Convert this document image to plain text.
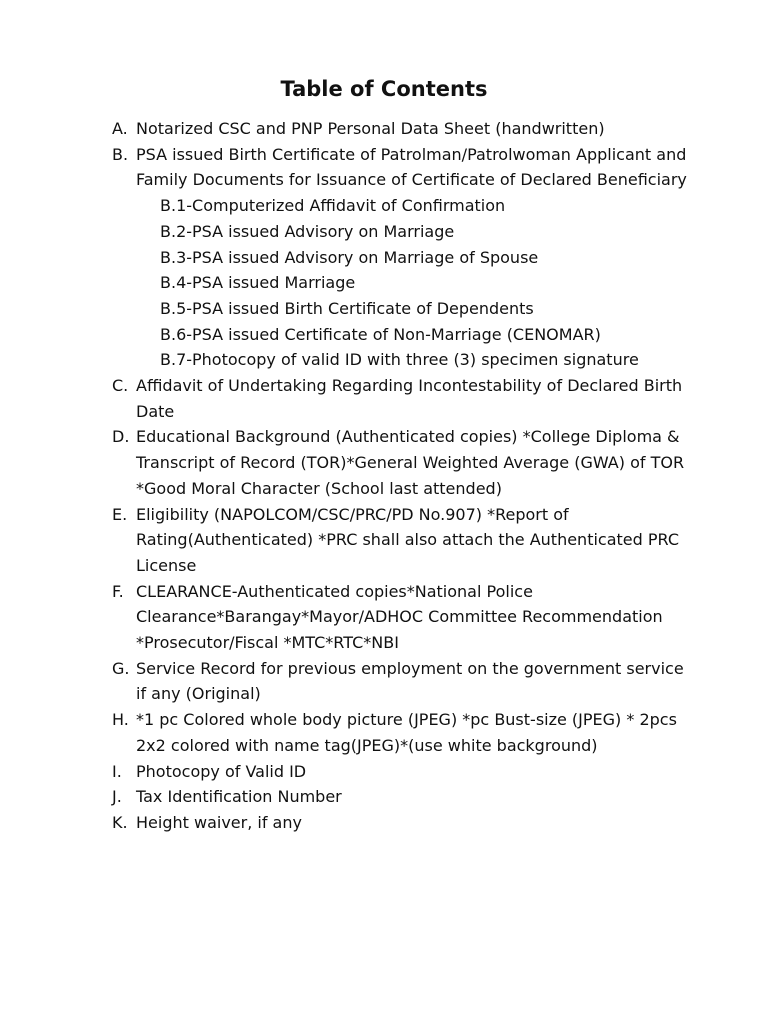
Table of Contents
A. Notarized CSC and PNP Personal Data Sheet (handwritten)
B. PSA issued Birth Certificate of Patrolman/Patrolwoman Applicant and Family Documents for Issuance of Certificate of Declared Beneficiary
B.1-Computerized Affidavit of Confirmation
B.2-PSA issued Advisory on Marriage
B.3-PSA issued Advisory on Marriage of Spouse
B.4-PSA issued Marriage
B.5-PSA issued Birth Certificate of Dependents
B.6-PSA issued Certificate of Non-Marriage (CENOMAR)
B.7-Photocopy of valid ID with three (3) specimen signature
C. Affidavit of Undertaking Regarding Incontestability of Declared Birth Date
D. Educational Background (Authenticated copies) *College Diploma & Transcript of Record (TOR)*General Weighted Average (GWA) of TOR *Good Moral Character (School last attended)
E. Eligibility (NAPOLCOM/CSC/PRC/PD No.907) *Report of Rating(Authenticated) *PRC shall also attach the Authenticated PRC License
F. CLEARANCE-Authenticated copies*National Police Clearance*Barangay*Mayor/ADHOC Committee Recommendation *Prosecutor/Fiscal *MTC*RTC*NBI
G. Service Record for previous employment on the government service if any (Original)
H. *1 pc Colored whole body picture (JPEG) *pc Bust-size (JPEG) * 2pcs 2x2 colored with name tag(JPEG)*(use white background)
I. Photocopy of Valid ID
J. Tax Identification Number
K. Height waiver, if any
